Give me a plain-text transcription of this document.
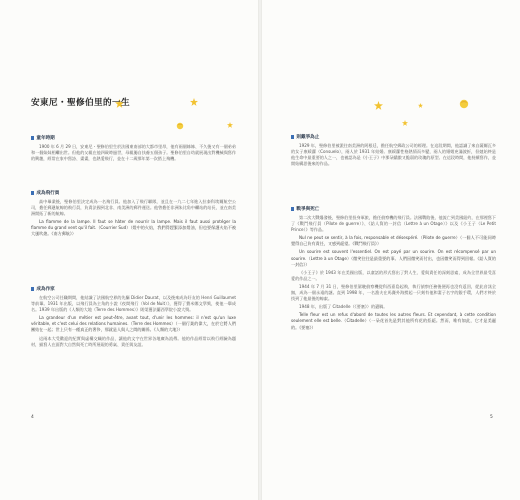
安東尼・聖修伯里的一生
童年時期

1900 年 6 月 29 日，安東尼・聖修伯里生於法國東南部的大都市里昂，他有兩個姊姊、不久後又有一個弟弟和一個妹妹相繼出世。但他的父親在他四歲時過世，母親獨自扶養五個孩子。聖修伯里自幼就展現出對機械與寫作的興趣，經常在家中寫詩、畫畫，也熱愛飛行，並在十二歲那年第一次搭上飛機。

成為飛行員

高中畢業後，聖修伯里決定成為一名飛行員。他加入了飛行聯隊，並且在一九二七年進入拉泰科埃爾航空公司，擔任郵遞航線的飛行員，負責法國到北非、南美洲的郵件運送。他曾擔任非洲朱比角中繼站的站長，並在南美洲開拓了新的航線。

La flamme de la lampe. Il faut se hâter de nourrir la lampe. Mais il faut aussi protéger la flamme du grand vent qu'il fait.（Courrier Sud）（燈中的火焰，我們得趕緊添加燈油，但也要保護火焰不被大風吹熄。《南方郵航》）

成為作家

在航空公司任職期間，他結識了法國航空界的先驅 Didier Daurat，以及後來成為好友的 Henri Guillaumet 等前輩。1931 年出版，以飛行員為主角的小說《夜間飛行（Vol de Nuit）》，獲得了費米娜文學獎，使他一舉成名。1939 年出版的《人類的大地（Terre des Hommes）》則榮獲法蘭西學院小說大獎。

La grandeur d'un métier est peut-être, avant tout, d'unir les hommes: il n'est qu'un luxe véritable, et c'est celui des relations humaines.（Terre des Hommes）（一個行業的偉大，在於它將人們團結在一起；世上只有一種真正的奢侈，那就是人與人之間的關係。《人類的大地》）

這兩本大受歡迎的紀實與虛構交織的作品，讓他的文字在世界各地廣為流傳。他的作品經常以飛行經驗為題材，描寫人在面對大自然與死亡時所展現的勇氣、責任與友誼。

4
則戴爭為止

1929 年，聖修伯里被派往南美洲的阿根廷，擔任航空郵政公司的經理。在這段期間，他認識了來自薩爾瓦多的女子康綏蘿（Consuelo），兩人於 1931 年結婚。康綏蘿性格熱情而多變，兩人的婚姻充滿波折，但她始終是他生命中最重要的人之一，也被認為是《小王子》中那朵驕傲又脆弱的玫瑰的原型。在這段時間，他持續寫作，並開始構思後來的作品。

戰爭與死亡

第二次大戰爆發後，聖修伯里投身軍旅，擔任偵察機的飛行員。法國戰敗後，他流亡到美國紐約，在那裡寫下了《戰鬥飛行員（Pilote de guerre）》、《給人質的一封信（Lettre à un Otage）》以及《小王子（Le Petit Prince）》等作品。

Nul ne peut se sentir, à la fois, responsable et désespéré.（Pilote de guerre）（一個人不可能同時覺得自己負有責任，又感到絕望。《戰鬥飛行員》）

Un sourire est souvent l'essentiel. On est payé par un sourire. On est récompensé par un sourire.（Lettre à un Otage）（微笑往往是最重要的事。人們因微笑而付出，也因微笑而得到回報。《給人質的一封信》）

《小王子》於 1943 年在美國出版，以童話的形式寫出了對人生、愛與責任的深刻思索，成為全世界最受喜愛的作品之一。

1944 年 7 月 31 日，聖修伯里駕駛偵察機從科西嘉島起飛，執行偵察任務後便再也沒有返回，從此音訊全無，成為一個永遠的謎。直到 1998 年，一名漁夫在馬賽外海撈起一只刻有他和妻子名字的銀手環，人們才終於找到了他最後的線索。

1948 年，出版了 Citadelle（《要塞》）的遺稿。

Telle fleur est un refus d'abord de toutes les autres fleurs. Et cependant, à cette condition seulement elle est belle.（Citadelle）（一朵花首先是對其他所有花的拒絕。然而，唯有如此，它才是美麗的。《要塞》）

5
